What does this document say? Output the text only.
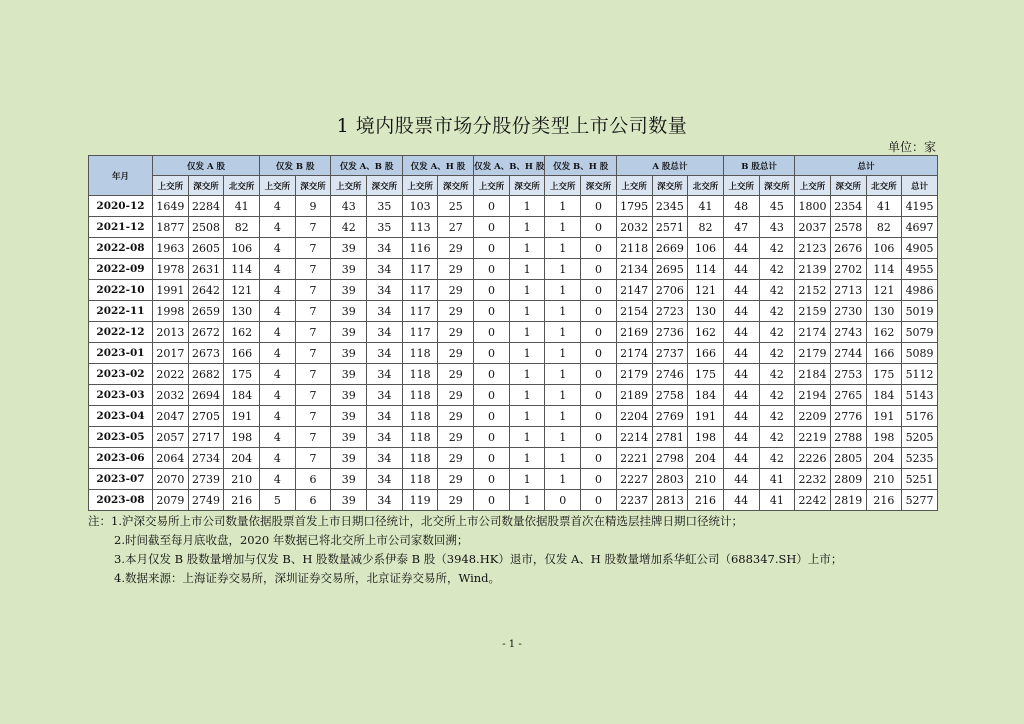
1 境内股票市场分股份类型上市公司数量
单位：家
年月	仅发 A 股			仅发 B 股		仅发 A、B 股		仅发 A、H 股		仅发 A、B、H 股		仅发 B、H 股		A 股总计			B 股总计		总计			
	上交所	深交所	北交所	上交所	深交所	上交所	深交所	上交所	深交所	上交所	深交所	上交所	深交所	上交所	深交所	北交所	上交所	深交所	上交所	深交所	北交所	总计
2020-12	1649	2284	41	4	9	43	35	103	25	0	1	1	0	1795	2345	41	48	45	1800	2354	41	4195
2021-12	1877	2508	82	4	7	42	35	113	27	0	1	1	0	2032	2571	82	47	43	2037	2578	82	4697
2022-08	1963	2605	106	4	7	39	34	116	29	0	1	1	0	2118	2669	106	44	42	2123	2676	106	4905
2022-09	1978	2631	114	4	7	39	34	117	29	0	1	1	0	2134	2695	114	44	42	2139	2702	114	4955
2022-10	1991	2642	121	4	7	39	34	117	29	0	1	1	0	2147	2706	121	44	42	2152	2713	121	4986
2022-11	1998	2659	130	4	7	39	34	117	29	0	1	1	0	2154	2723	130	44	42	2159	2730	130	5019
2022-12	2013	2672	162	4	7	39	34	117	29	0	1	1	0	2169	2736	162	44	42	2174	2743	162	5079
2023-01	2017	2673	166	4	7	39	34	118	29	0	1	1	0	2174	2737	166	44	42	2179	2744	166	5089
2023-02	2022	2682	175	4	7	39	34	118	29	0	1	1	0	2179	2746	175	44	42	2184	2753	175	5112
2023-03	2032	2694	184	4	7	39	34	118	29	0	1	1	0	2189	2758	184	44	42	2194	2765	184	5143
2023-04	2047	2705	191	4	7	39	34	118	29	0	1	1	0	2204	2769	191	44	42	2209	2776	191	5176
2023-05	2057	2717	198	4	7	39	34	118	29	0	1	1	0	2214	2781	198	44	42	2219	2788	198	5205
2023-06	2064	2734	204	4	7	39	34	118	29	0	1	1	0	2221	2798	204	44	42	2226	2805	204	5235
2023-07	2070	2739	210	4	6	39	34	118	29	0	1	1	0	2227	2803	210	44	41	2232	2809	210	5251
2023-08	2079	2749	216	5	6	39	34	119	29	0	1	0	0	2237	2813	216	44	41	2242	2819	216	5277
注：1.沪深交易所上市公司数量依据股票首发上市日期口径统计，北交所上市公司数量依据股票首次在精选层挂牌日期口径统计；
2.时间截至每月底收盘，2020 年数据已将北交所上市公司家数回溯；
3.本月仅发 B 股数量增加与仅发 B、H 股数量减少系伊泰 B 股（3948.HK）退市，仅发 A、H 股数量增加系华虹公司（688347.SH）上市；
4.数据来源：上海证券交易所，深圳证券交易所，北京证券交易所，Wind。
- 1 -
